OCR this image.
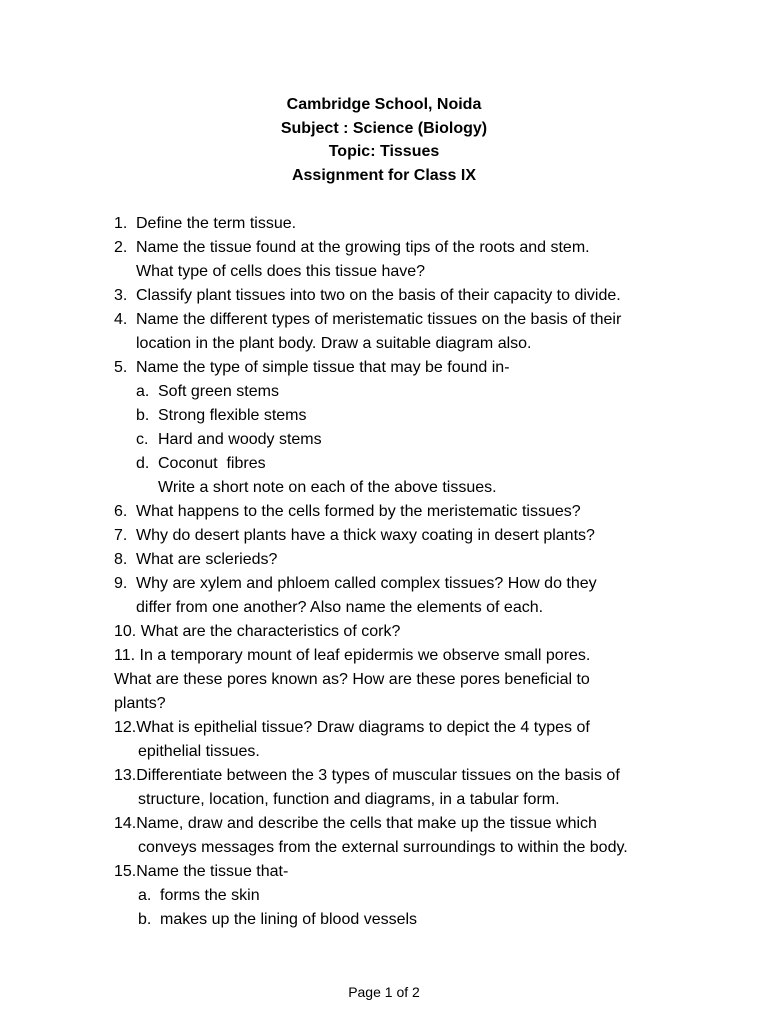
Cambridge School, Noida
Subject : Science (Biology)
Topic: Tissues
Assignment for Class IX
1. Define the term tissue.
2. Name the tissue found at the growing tips of the roots and stem.
What type of cells does this tissue have?
3. Classify plant tissues into two on the basis of their capacity to divide.
4. Name the different types of meristematic tissues on the basis of their
location in the plant body. Draw a suitable diagram also.
5. Name the type of simple tissue that may be found in-
a. Soft green stems
b. Strong flexible stems
c. Hard and woody stems
d. Coconut  fibres
Write a short note on each of the above tissues.
6. What happens to the cells formed by the meristematic tissues?
7. Why do desert plants have a thick waxy coating in desert plants?
8. What are sclerieds?
9. Why are xylem and phloem called complex tissues? How do they
differ from one another? Also name the elements of each.
10. What are the characteristics of cork?
11. In a temporary mount of leaf epidermis we observe small pores.
What are these pores known as? How are these pores beneficial to
plants?
12.What is epithelial tissue? Draw diagrams to depict the 4 types of
epithelial tissues.
13.Differentiate between the 3 types of muscular tissues on the basis of
structure, location, function and diagrams, in a tabular form.
14.Name, draw and describe the cells that make up the tissue which
conveys messages from the external surroundings to within the body.
15.Name the tissue that-
a. forms the skin
b. makes up the lining of blood vessels
Page 1 of 2
